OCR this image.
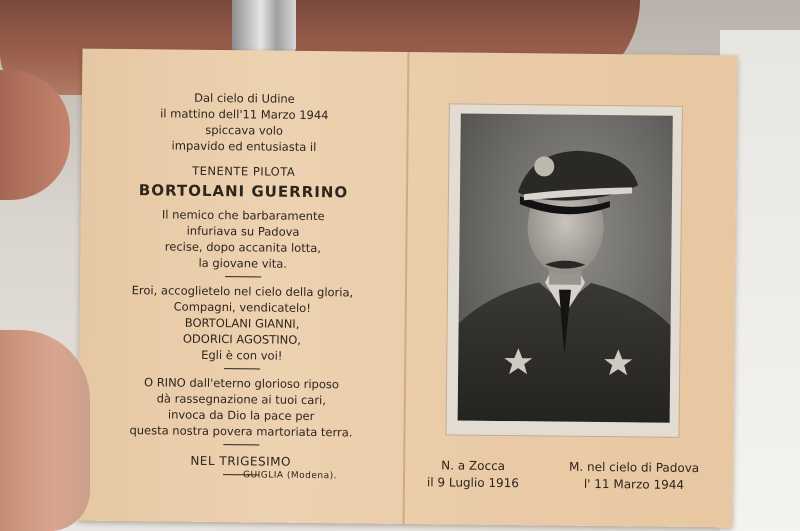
Dal cielo di Udine
il mattino dell'11 Marzo 1944
spiccava volo
impavido ed entusiasta il
TENENTE PILOTA
BORTOLANI GUERRINO
Il nemico che barbaramente
infuriava su Padova
recise, dopo accanita lotta,
la giovane vita.
Eroi, accoglietelo nel cielo della gloria,
Compagni, vendicatelo!
BORTOLANI GIANNI,
ODORICI AGOSTINO,
Egli è con voi!
O RINO dall'eterno glorioso riposo
dà rassegnazione ai tuoi cari,
invoca da Dio la pace per
questa nostra povera martoriata terra.
NEL TRIGESIMO
GUIGLIA (Modena).
N. a Zocca
il 9 Luglio 1916
M. nel cielo di Padova
l' 11 Marzo 1944
